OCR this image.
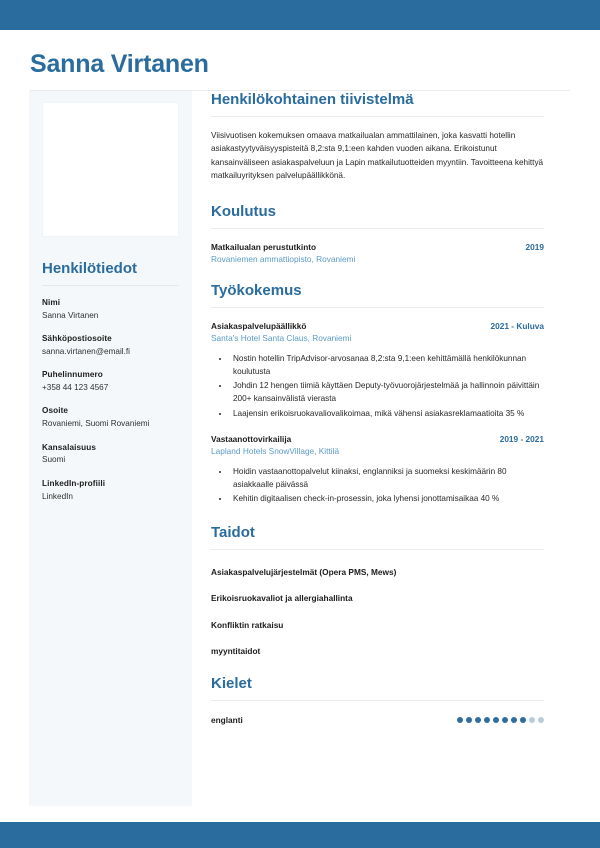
Sanna Virtanen
Henkilötiedot
Nimi
Sanna Virtanen
Sähköpostiosoite
sanna.virtanen@email.fi
Puhelinnumero
+358 44 123 4567
Osoite
Rovaniemi, Suomi Rovaniemi
Kansalaisuus
Suomi
LinkedIn-profiili
LinkedIn
Henkilökohtainen tiivistelmä
Viisivuotisen kokemuksen omaava matkailualan ammattilainen, joka kasvatti hotellin asiakastyytyväisyyspisteitä 8,2:sta 9,1:een kahden vuoden aikana. Erikoistunut kansainväliseen asiakaspalveluun ja Lapin matkailutuotteiden myyntiin. Tavoitteena kehittyä matkailuyrityksen palvelupäällikkönä.
Koulutus
Matkailualan perustutkinto	2019
Rovaniemen ammattiopisto, Rovaniemi
Työkokemus
Asiakaspalvelupäällikkö	2021 - Kuluva
Santa's Hotel Santa Claus, Rovaniemi
• Nostin hotellin TripAdvisor-arvosanaa 8,2:sta 9,1:een kehittämällä henkilökunnan koulutusta
• Johdin 12 hengen tiimiä käyttäen Deputy-työvuorojärjestelmää ja hallinnoin päivittäin 200+ kansainvälistä vierasta
• Laajensin erikoisruokavaliovalikoimaa, mikä vähensi asiakasreklamaatioita 35 %
Vastaanottovirkailija	2019 - 2021
Lapland Hotels SnowVillage, Kittilä
• Hoidin vastaanottopalvelut kiinaksi, englanniksi ja suomeksi keskimäärin 80 asiakkaalle päivässä
• Kehitin digitaalisen check-in-prosessin, joka lyhensi jonottamisaikaa 40 %
Taidot
Asiakaspalvelujärjestelmät (Opera PMS, Mews)
Erikoisruokavaliot ja allergiahallinta
Konfliktin ratkaisu
myyntitaidot
Kielet
englanti
